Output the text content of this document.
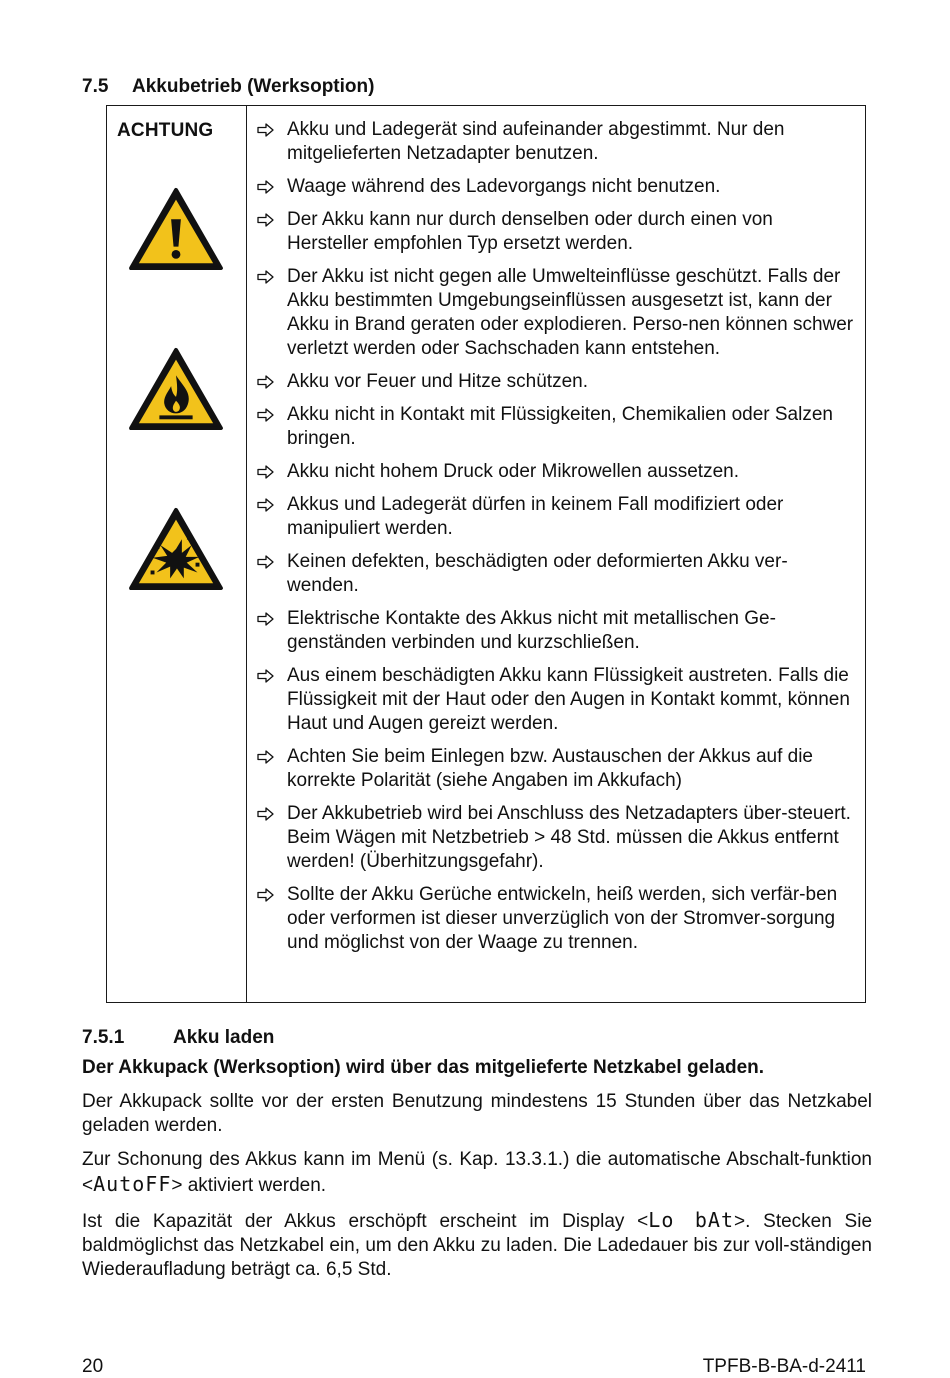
7.5 Akkubetrieb (Werksoption)
ACHTUNG	Akku und Ladegerät sind aufeinander abgestimmt. Nur den mitgelieferten Netzadapter benutzen.
Waage während des Ladevorgangs nicht benutzen.
Der Akku kann nur durch denselben oder durch einen von Hersteller empfohlen Typ ersetzt werden.
Der Akku ist nicht gegen alle Umwelteinflüsse geschützt. Falls der Akku bestimmten Umgebungseinflüssen ausgesetzt ist, kann der Akku in Brand geraten oder explodieren. Perso-nen können schwer verletzt werden oder Sachschaden kann entstehen.
Akku vor Feuer und Hitze schützen.
Akku nicht in Kontakt mit Flüssigkeiten, Chemikalien oder Salzen bringen.
Akku nicht hohem Druck oder Mikrowellen aussetzen.
Akkus und Ladegerät dürfen in keinem Fall modifiziert oder manipuliert werden.
Keinen defekten, beschädigten oder deformierten Akku ver-wenden.
Elektrische Kontakte des Akkus nicht mit metallischen Ge-genständen verbinden und kurzschließen.
Aus einem beschädigten Akku kann Flüssigkeit austreten. Falls die Flüssigkeit mit der Haut oder den Augen in Kontakt kommt, können Haut und Augen gereizt werden.
Achten Sie beim Einlegen bzw. Austauschen der Akkus auf die korrekte Polarität (siehe Angaben im Akkufach)
Der Akkubetrieb wird bei Anschluss des Netzadapters über-steuert. Beim Wägen mit Netzbetrieb > 48 Std. müssen die Akkus entfernt werden! (Überhitzungsgefahr).
Sollte der Akku Gerüche entwickeln, heiß werden, sich verfär-ben oder verformen ist dieser unverzüglich von der Stromver-sorgung und möglichst von der Waage zu trennen.
7.5.1	Akku laden
Der Akkupack (Werksoption) wird über das mitgelieferte Netzkabel geladen.
Der Akkupack sollte vor der ersten Benutzung mindestens 15 Stunden über das Netzkabel geladen werden.
Zur Schonung des Akkus kann im Menü (s. Kap. 13.3.1.) die automatische Abschalt-funktion <AutoFF> aktiviert werden.
Ist die Kapazität der Akkus erschöpft erscheint im Display <Lo bAt>. Stecken Sie baldmöglichst das Netzkabel ein, um den Akku zu laden. Die Ladedauer bis zur voll-ständigen Wiederaufladung beträgt ca. 6,5 Std.
20	TPFB-B-BA-d-2411
